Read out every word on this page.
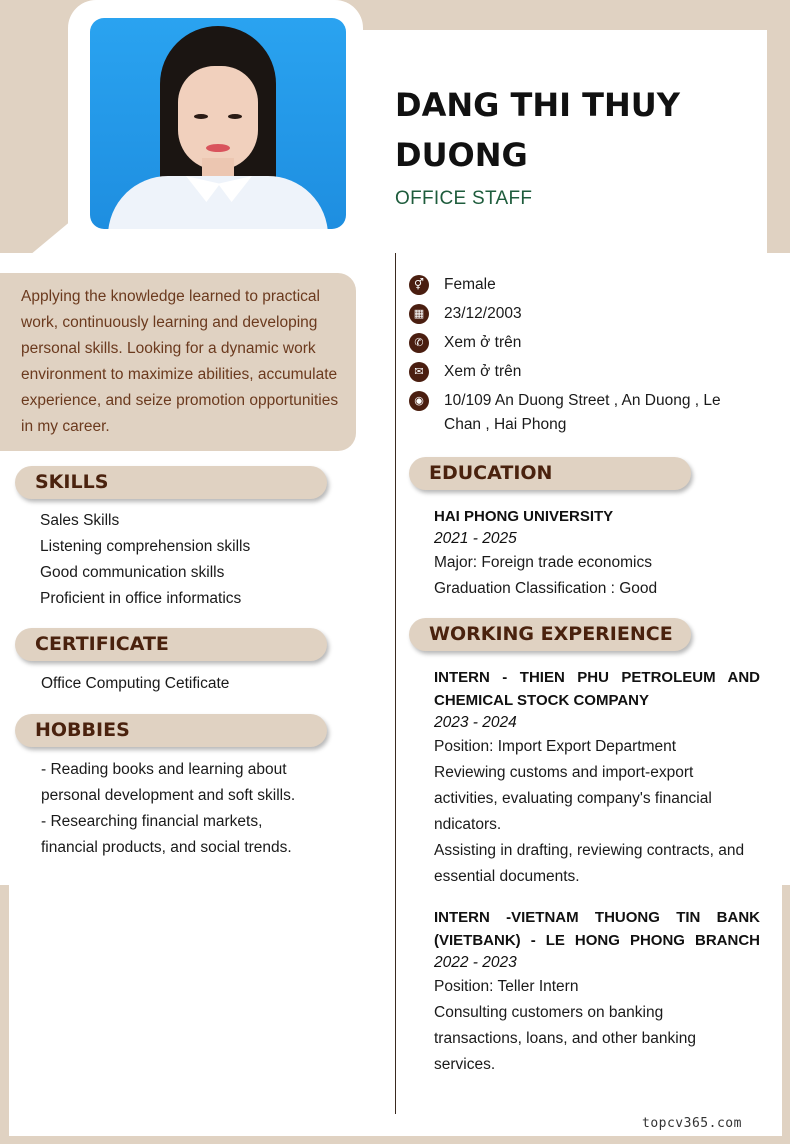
DANG THI THUY DUONG
OFFICE STAFF
Applying the knowledge learned to practical work, continuously learning and developing personal skills. Looking for a dynamic work environment to maximize abilities, accumulate experience, and seize promotion opportunities in my career.
SKILLS
Sales Skills
Listening comprehension skills
Good communication skills
Proficient in office informatics
CERTIFICATE
Office Computing Cetificate
HOBBIES
- Reading books and learning about
personal development and soft skills.
- Researching financial markets,
financial products, and social trends.
⚥	Female
▦	23/12/2003
✆	Xem ở trên
✉	Xem ở trên
◉	10/109 An Duong Street , An Duong , Le
Chan , Hai Phong
EDUCATION
HAI PHONG UNIVERSITY
2021 - 2025
Major: Foreign trade economics
Graduation Classification : Good
WORKING EXPERIENCE
INTERN - THIEN PHU PETROLEUM AND
CHEMICAL STOCK COMPANY
2023 - 2024
Position: Import Export Department
Reviewing customs and import-export
activities, evaluating company's financial
ndicators.
Assisting in drafting, reviewing contracts, and
essential documents.
INTERN -VIETNAM THUONG TIN BANK
(VIETBANK) - LE HONG PHONG BRANCH
2022 - 2023
Position: Teller Intern
Consulting customers on banking
transactions, loans, and other banking
services.
topcv365.com
